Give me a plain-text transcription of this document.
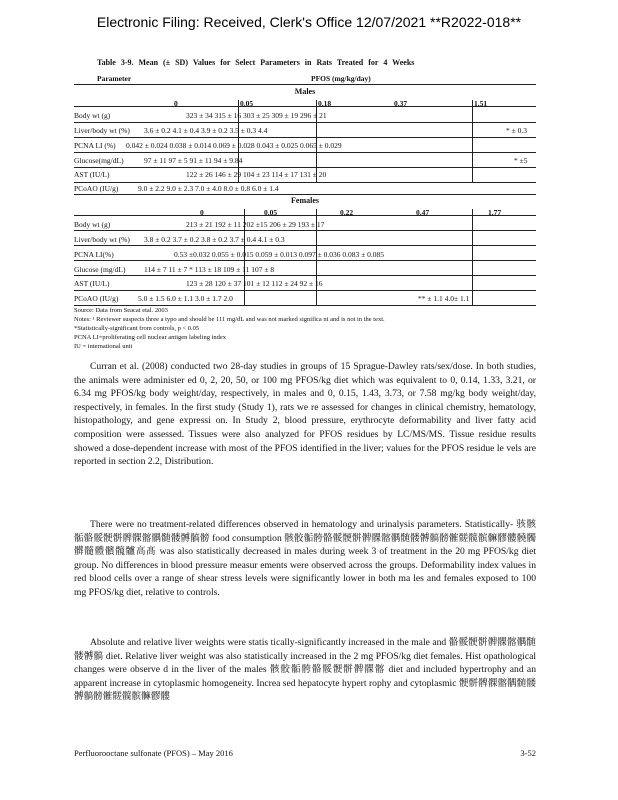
Electronic Filing: Received, Clerk's Office 12/07/2021 **R2022-018**
Table 3-9. Mean (± SD) Values for Select Parameters in Rats Treated for 4 Weeks
Parameter	PFOS (mg/kg/day)
Males
0	0.05	0.18	0.37	1.51
Body wt (g)	323 ± 34 315 ± 16 303 ± 25 309 ± 19 296 ± 21
Liver/body wt (%) 3.6 ± 0.2 4.1 ± 0.4 3.9 ± 0.2 3.5 ± 0.3 4.4	* ± 0.3
PCNA LI (%) 0.042 ± 0.024 0.038 ± 0.014 0.069 ± 0.028 0.043 ± 0.025 0.065 ± 0.029
Glucose(mg/dL)	97 ± 11 97 ± 5 91 ± 11 94 ± 9.84	* ±5
AST (IU/L)	122 ± 26 146 ± 29 104 ± 23 114 ± 17 131 ± 20
PCoAO (IU/g)	9.0 ± 2.2 9.0 ± 2.3 7.0 ± 4.0 8.0 ± 0.8 6.0 ± 1.4
Females
0	0.05	0.22	0.47	1.77
Body wt (g)	213 ± 21 192 ± 11 202 ±15 206 ± 29 193 ± 17
Liver/body wt (%) 3.8 ± 0.2 3.7 ± 0.2 3.8 ± 0.2 3.7 ± 0.4 4.1 ± 0.3
PCNA LI(%)	0.53 ±0.032 0.055 ± 0.015 0.059 ± 0.013 0.097 ± 0.036 0.083 ± 0.085
Glucose (mg/dL) 114 ± 7 11 ± 7 * 113 ± 18 109 ± 11 107 ± 8
AST (IU/L)	123 ± 28 120 ± 37 101 ± 12 112 ± 24 92 ± 16
PCoAO (IU/g)	5.0 ± 1.5 6.0 ± 1.1 3.0 ± 1.7 2.0	** ± 1.1 4.0± 1.1
Source: Data from Seacat etal. 2003
Notes: ¹ Reviewer suspects three a typo and should be 111 mg/dL and was not marked significa nt and is not in the text.
*Statistically-significant from controls, p < 0.05
PCNA LI=proliferating cell nuclear antigen labeling index
IU = international unit
Curran et al. (2008) conducted two 28-day studies in groups of 15 Sprague-Dawley rats/sex/dose. In both studies, the animals were administer ed 0, 2, 20, 50, or 100 mg PFOS/kg diet which was equivalent to 0, 0.14, 1.33, 3.21, or 6.34 mg PFOS/kg body weight/day, respectively, in males and 0, 0.15, 1.43, 3.73, or 7.58 mg/kg body weight/day, respectively, in females. In the first study (Study 1), rats we re assessed for changes in clinical chemistry, hematology, histopathology, and gene expressi on. In Study 2, blood pressure, erythrocyte deformability and liver fatty acid composition were assessed. Tissues were also analyzed for PFOS residues by LC/MS/MS. Tissue residue results showed a dose-dependent increase with most of the PFOS identified in the liver; values for the PFOS residue le vels are reported in section 2.2, Distribution.
There were no treatment-related differences observed in hematology and urinalysis parameters. Statistically- 骇骸骺骼骽骾骿髀髁髂髃髄髅髆髇髈 food consumption 骸骹骺骻骼骽骾骿髀髁髂髃髄髅髆髇髈髉髊髋髌髍髎髏髐髑髒髓體髕髖髗高髙 was also statistically decreased in males during week 3 of treatment in the 20 mg PFOS/kg diet group. No differences in blood pressure measur ements were observed across the groups. Deformability index values in red blood cells over a range of shear stress levels were significantly lower in both ma les and females exposed to 100 mg PFOS/kg diet, relative to controls.
Absolute and relative liver weights were statis tically-significantly increased in the male and 骼骽骾骿髀髁髂髃髄髅髆髇 diet. Relative liver weight was also statistically increased in the 2 mg PFOS/kg diet females. Hist opathological changes were observe d in the liver of the males 骸骹骺骻骼骽骾骿髀髁髂 diet and included hypertrophy and an apparent increase in cytoplasmic homogeneity. Increa sed hepatocyte hypert rophy and cytoplasmic 骾骿髀髁髂髃髄髅髆髇髈髉髊髋髌髍髎髏
Perfluorooctane sulfonate (PFOS) – May 2016	3-52
